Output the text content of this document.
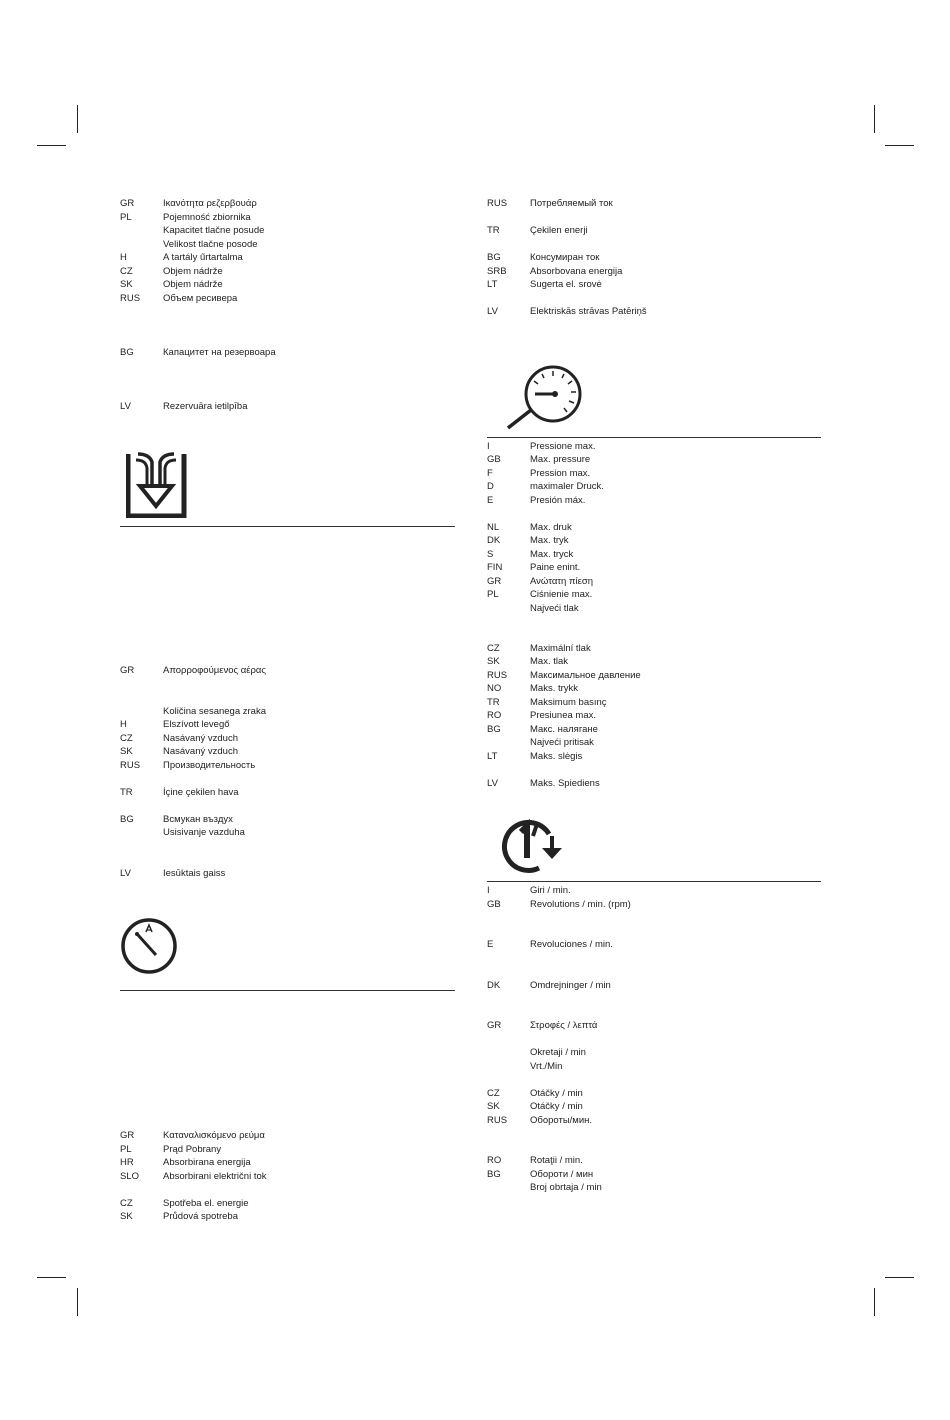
GR	Ικανότητα ρεζερβουάρ
PL	Pojemność zbiornika
Kapacitet tlačne posude
Velikost tlačne posode
H	A tartály űrtartalma
CZ	Objem nádrže
SK	Objem nádrže
RUS Объем ресивера
BG	Капацитет на резервоара
LV	Rezervuāra ietilpība
GR	Απορροφούμενος αέρας
Količina sesanega zraka
H	Elszívott levegő
CZ	Nasávaný vzduch
SK	Nasávaný vzduch
RUS Производительность
TR	İçine çekilen hava
BG	Всмукан въздух
Usisivanje vazduha
LV	Iesūktais gaiss
GR	Καταναλισκόμενο ρεύμα
PL	Prąd Pobrany
HR	Absorbirana energija
SLO	Absorbirani električni tok
CZ	Spotřeba el. energie
SK	Průdová spotreba
RUS Потребляемый ток
TR	Çekilen enerji
BG	Консумиран ток
SRB Absorbovana energija
LT	Sugerta el. srovė
LV	Elektriskās strāvas Patēriņš
I	Pressione max.
GB	Max. pressure
F	Pression max.
D	maximaler Druck.
E	Presión máx.
NL	Max. druk
DK	Max. tryk
S	Max. tryck
FIN	Paine enint.
GR	Ανώτατη πίεση
PL	Ciśnienie max.
Najveći tlak
CZ	Maximální tlak
SK	Max. tlak
RUS Максимальное давление
NO	Maks. trykk
TR	Maksimum basınç
RO	Presiunea max.
BG	Макс. налягане
Najveći pritisak
LT	Maks. slėgis
LV	Maks. Spiediens
I	Giri / min.
GB	Revolutions / min. (rpm)
E	Revoluciones / min.
DK	Omdrejninger / min
GR	Στροφές / λεπτά
Okretaji / min
Vrt./Min
CZ	Otáčky / min
SK	Otáčky / min
RUS Обороты/мин.
RO	Rotaţii / min.
BG	Обороти / мин
Broj obrtaja / min
